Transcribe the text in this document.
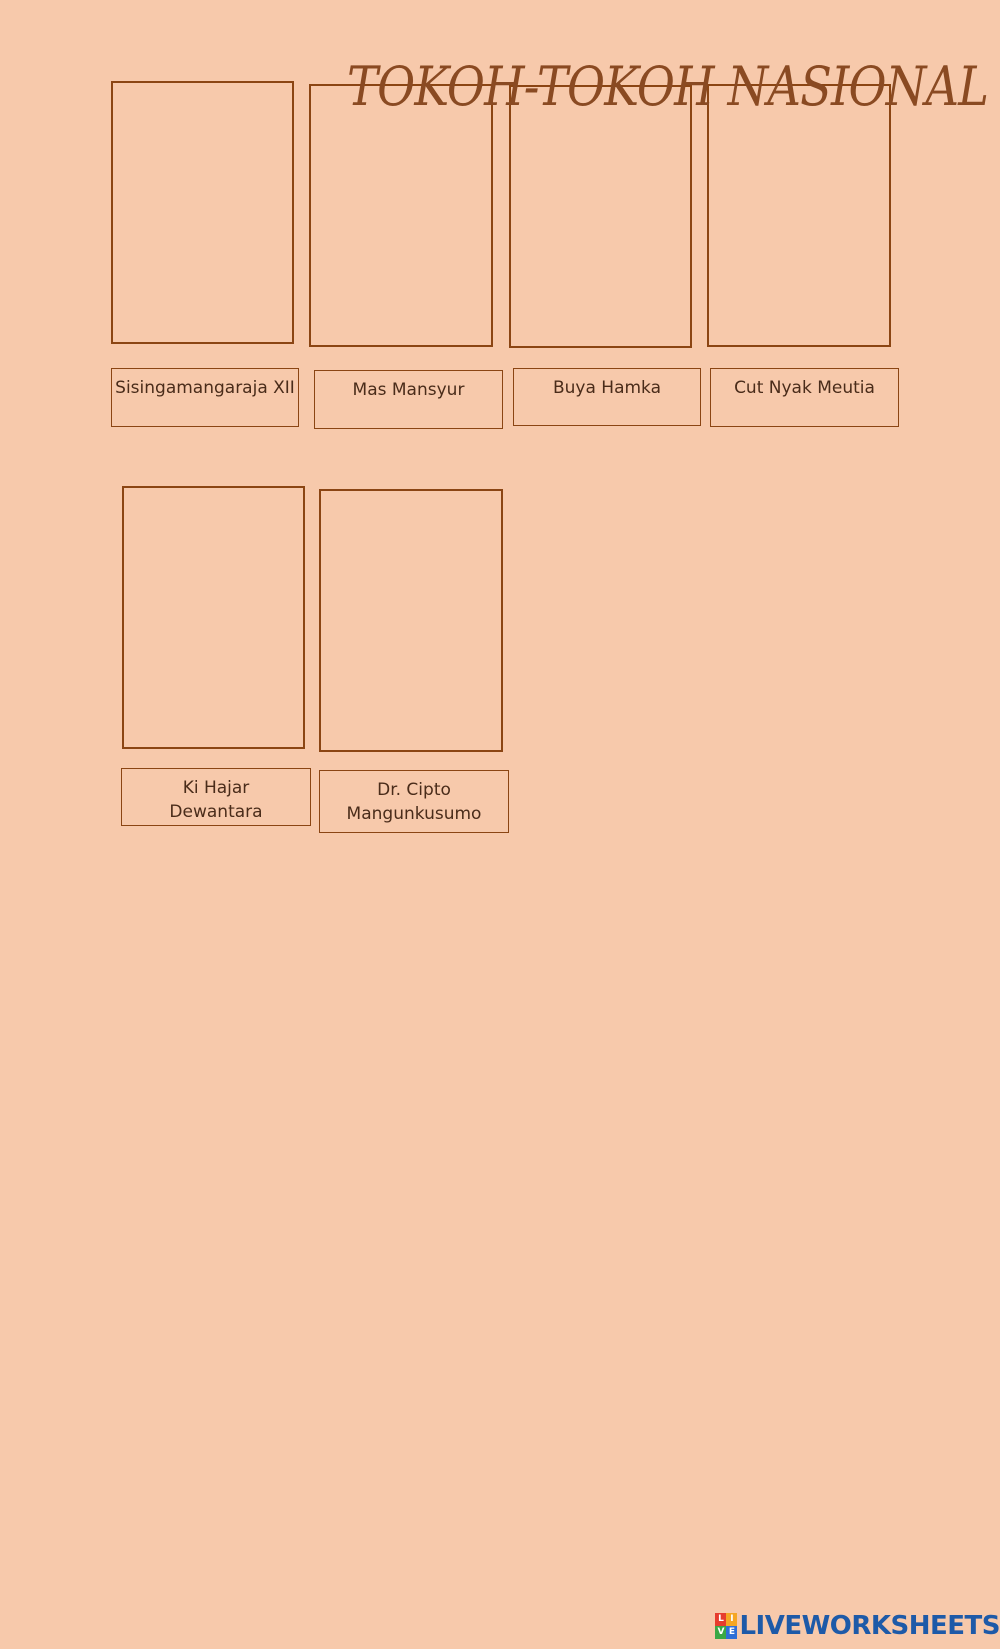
TOKOH-TOKOH NASIONAL
Sisingamangaraja XII	Mas Mansyur	Buya Hamka	Cut Nyak Meutia
Ki Hajar Dewantara
Dr. Cipto Mangunkusumo
L I
V E LIVEWORKSHEETS
